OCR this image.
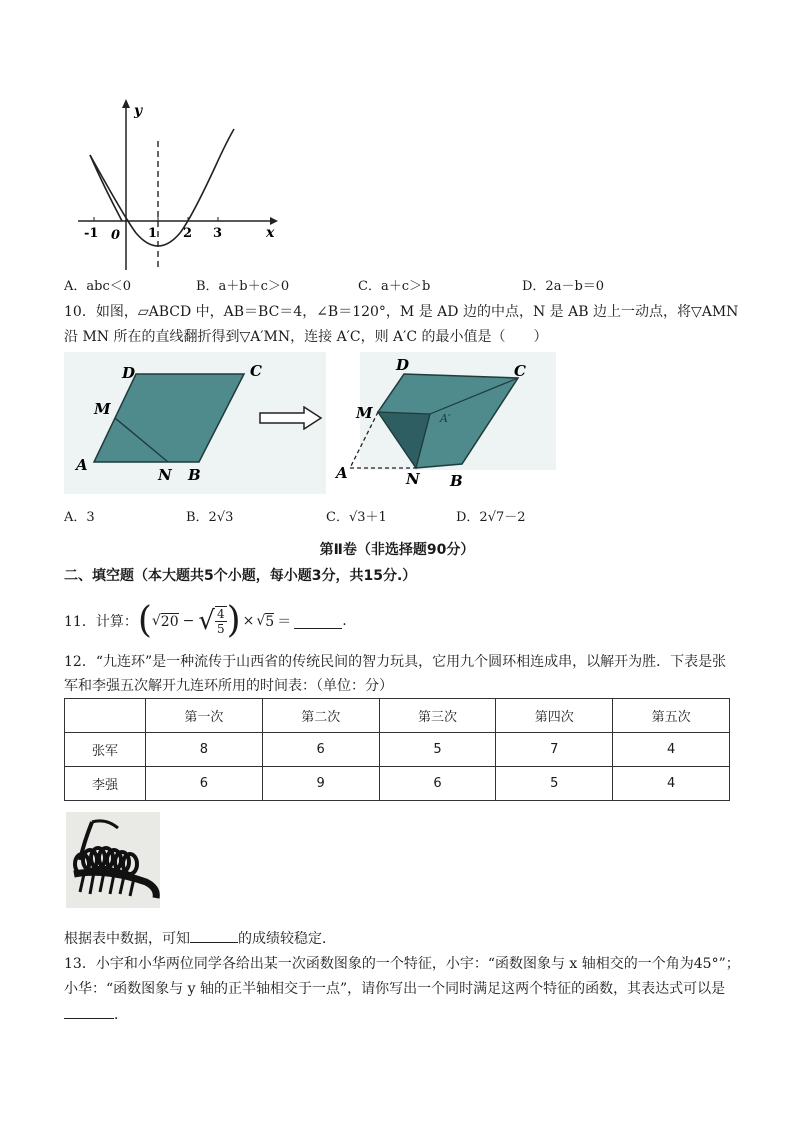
y
x
-1 0 1 2 3
A．abc＜0	B．a＋b＋c＞0	C．a＋c＞b	D．2a－b＝0
10．如图，▱ABCD 中，AB＝BC＝4，∠B＝120°，M 是 AD 边的中点，N 是 AB 边上一动点，将▽AMN
沿 MN 所在的直线翻折得到▽A′MN，连接 A′C，则 A′C 的最小值是（　　）
D	C
M
A
N B
D	C
M	A′
A	N B
A．3	B．2√3	C．√3＋1	D．2√7－2
第Ⅱ卷（非选择题90分）
二、填空题（本大题共5个小题，每小题3分，共15分.）
11．计算： ( √ 20 − √ 4
5 ) × √ 5 ＝	.
12．“九连环”是一种流传于山西省的传统民间的智力玩具，它用九个圆环相连成串，以解开为胜．下表是张
军和李强五次解开九连环所用的时间表：（单位：分）
	第一次	第二次	第三次	第四次	第五次
张军	8	6	5	7	4
李强	6	9	6	5	4
根据表中数据，可知	的成绩较稳定．
13．小宇和小华两位同学各给出某一次函数图象的一个特征，小宇：“函数图象与 x 轴相交的一个角为45°”；
小华：“函数图象与 y 轴的正半轴相交于一点”，请你写出一个同时满足这两个特征的函数，其表达式可以是
．
